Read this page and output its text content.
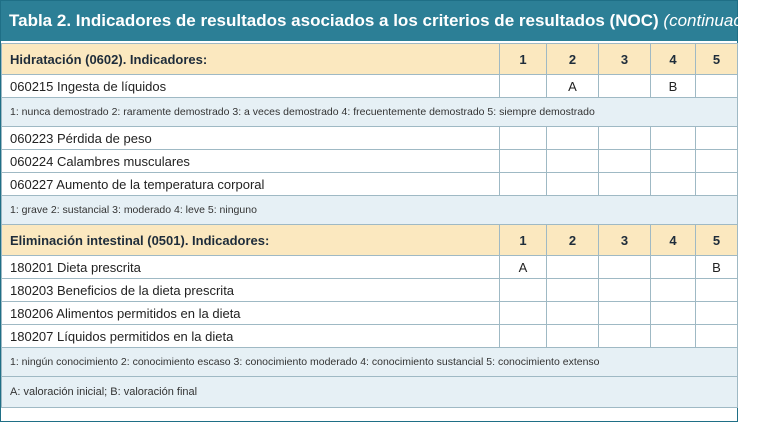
Tabla 2. Indicadores de resultados asociados a los criterios de resultados (NOC) (continuación)
Hidratación (0602). Indicadores:	1	2	3	4	5
060215 Ingesta de líquidos		A		B	
1: nunca demostrado 2: raramente demostrado 3: a veces demostrado 4: frecuentemente demostrado 5: siempre demostrado					
060223 Pérdida de peso					
060224 Calambres musculares					
060227 Aumento de la temperatura corporal					
1: grave 2: sustancial 3: moderado 4: leve 5: ninguno					
Eliminación intestinal (0501). Indicadores:	1	2	3	4	5
180201 Dieta prescrita	A				B
180203 Beneficios de la dieta prescrita					
180206 Alimentos permitidos en la dieta					
180207 Líquidos permitidos en la dieta					
1: ningún conocimiento 2: conocimiento escaso 3: conocimiento moderado 4: conocimiento sustancial 5: conocimiento extenso					
A: valoración inicial; B: valoración final					
